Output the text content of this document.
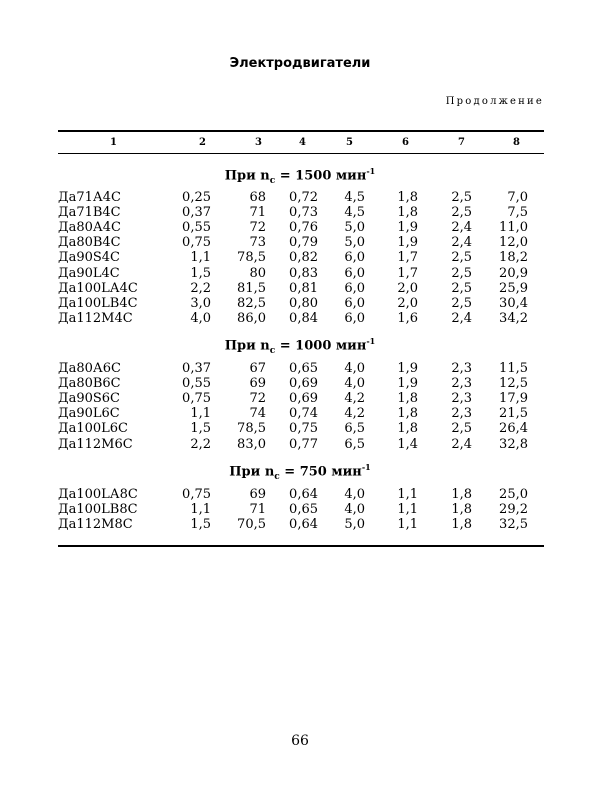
Электродвигатели
Продолжение
1	2	3	4	5	6	7	8
При $n_с = 1500$ мин$^{-1}$
Да71А4С	0,25	68 0,72 4,5 1,8	2,5	7,0
Да71В4С	0,37	71 0,73 4,5 1,8	2,5	7,5
Да80А4С	0,55	72 0,76 5,0 1,9	2,4 11,0
Да80В4С	0,75	73 0,79 5,0 1,9	2,4 12,0
Да90S4С	1,1 78,5 0,82 6,0 1,7	2,5 18,2
Да90L4С	1,5	80 0,83 6,0 1,7	2,5 20,9
Да100LА4С	2,2 81,5 0,81 6,0 2,0	2,5 25,9
Да100LВ4С	3,0 82,5 0,80 6,0 2,0	2,5 30,4
Да112М4С	4,0 86,0 0,84 6,0 1,6	2,4 34,2
При $n_с = 1000$ мин$^{-1}$
Да80А6С	0,37	67 0,65 4,0 1,9	2,3 11,5
Да80В6С	0,55	69 0,69 4,0 1,9	2,3 12,5
Да90S6С	0,75	72 0,69 4,2 1,8	2,3 17,9
Да90L6С	1,1	74 0,74 4,2 1,8	2,3 21,5
Да100L6С	1,5 78,5 0,75 6,5 1,8	2,5 26,4
Да112М6С	2,2 83,0 0,77 6,5 1,4	2,4 32,8
При $n_с = 750$ мин$^{-1}$
Да100LА8С	0,75	69 0,64 4,0 1,1	1,8 25,0
Да100LВ8С	1,1	71 0,65 4,0 1,1	1,8 29,2
Да112М8С	1,5 70,5 0,64 5,0 1,1	1,8 32,5
66
